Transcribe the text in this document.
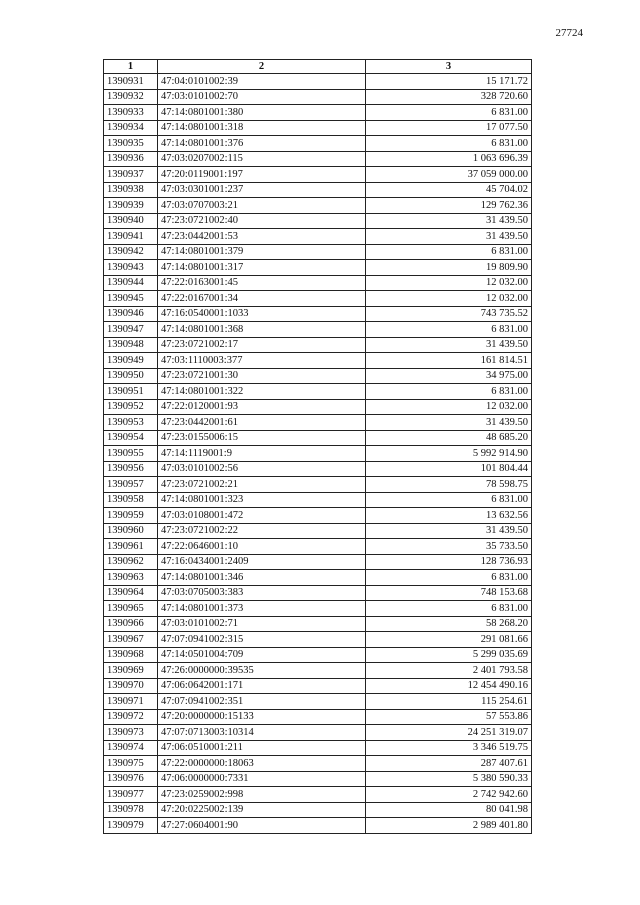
27724
1	2	3
1390931	47:04:0101002:39	15 171.72
1390932	47:03:0101002:70	328 720.60
1390933	47:14:0801001:380	6 831.00
1390934	47:14:0801001:318	17 077.50
1390935	47:14:0801001:376	6 831.00
1390936	47:03:0207002:115	1 063 696.39
1390937	47:20:0119001:197	37 059 000.00
1390938	47:03:0301001:237	45 704.02
1390939	47:03:0707003:21	129 762.36
1390940	47:23:0721002:40	31 439.50
1390941	47:23:0442001:53	31 439.50
1390942	47:14:0801001:379	6 831.00
1390943	47:14:0801001:317	19 809.90
1390944	47:22:0163001:45	12 032.00
1390945	47:22:0167001:34	12 032.00
1390946	47:16:0540001:1033	743 735.52
1390947	47:14:0801001:368	6 831.00
1390948	47:23:0721002:17	31 439.50
1390949	47:03:1110003:377	161 814.51
1390950	47:23:0721001:30	34 975.00
1390951	47:14:0801001:322	6 831.00
1390952	47:22:0120001:93	12 032.00
1390953	47:23:0442001:61	31 439.50
1390954	47:23:0155006:15	48 685.20
1390955	47:14:1119001:9	5 992 914.90
1390956	47:03:0101002:56	101 804.44
1390957	47:23:0721002:21	78 598.75
1390958	47:14:0801001:323	6 831.00
1390959	47:03:0108001:472	13 632.56
1390960	47:23:0721002:22	31 439.50
1390961	47:22:0646001:10	35 733.50
1390962	47:16:0434001:2409	128 736.93
1390963	47:14:0801001:346	6 831.00
1390964	47:03:0705003:383	748 153.68
1390965	47:14:0801001:373	6 831.00
1390966	47:03:0101002:71	58 268.20
1390967	47:07:0941002:315	291 081.66
1390968	47:14:0501004:709	5 299 035.69
1390969	47:26:0000000:39535	2 401 793.58
1390970	47:06:0642001:171	12 454 490.16
1390971	47:07:0941002:351	115 254.61
1390972	47:20:0000000:15133	57 553.86
1390973	47:07:0713003:10314	24 251 319.07
1390974	47:06:0510001:211	3 346 519.75
1390975	47:22:0000000:18063	287 407.61
1390976	47:06:0000000:7331	5 380 590.33
1390977	47:23:0259002:998	2 742 942.60
1390978	47:20:0225002:139	80 041.98
1390979	47:27:0604001:90	2 989 401.80
